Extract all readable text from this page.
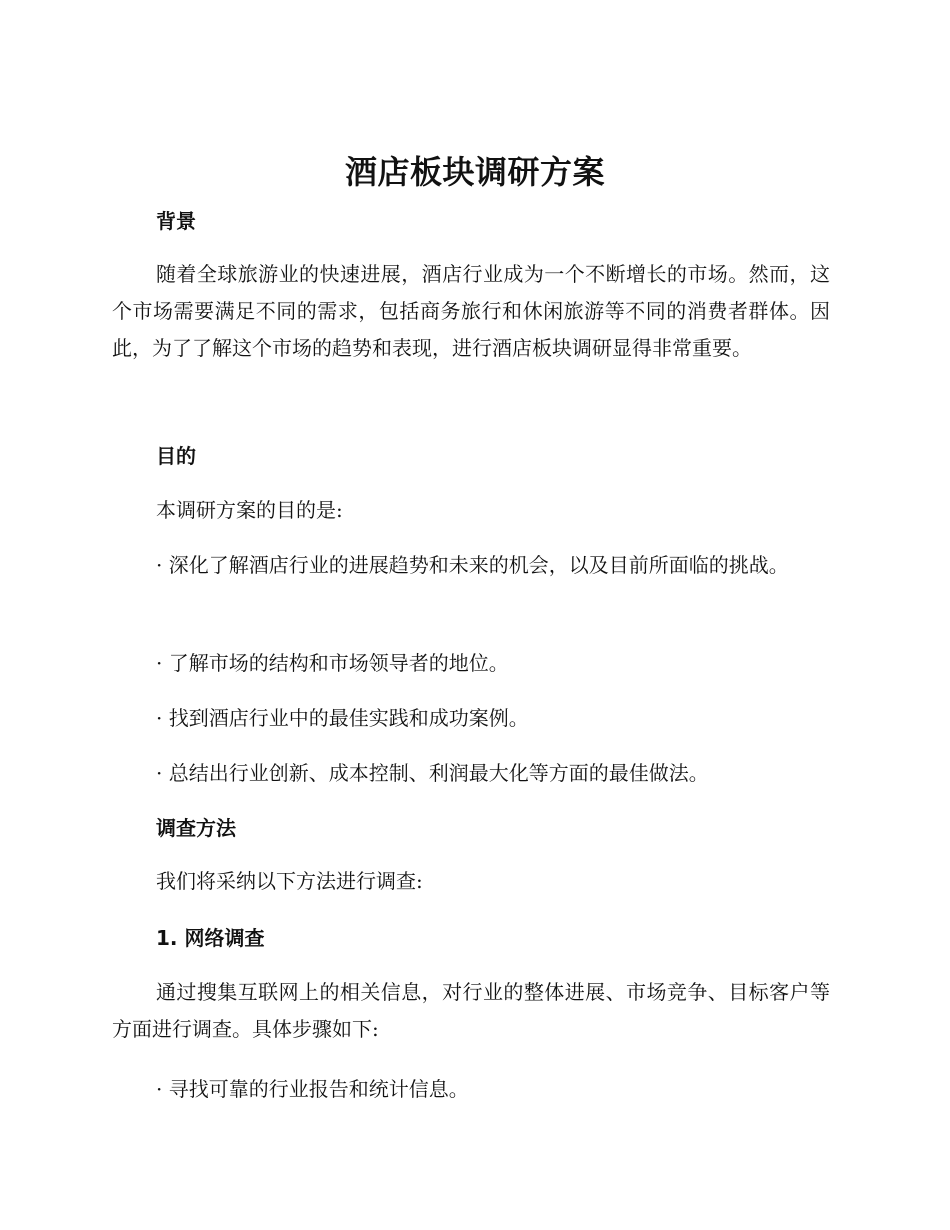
酒店板块调研方案
背景
随着全球旅游业的快速进展，酒店行业成为一个不断增长的市场。然而，这个市场需要满足不同的需求，包括商务旅行和休闲旅游等不同的消费者群体。因此，为了了解这个市场的趋势和表现，进行酒店板块调研显得非常重要。
目的
本调研方案的目的是:
· 深化了解酒店行业的进展趋势和未来的机会，以及目前所面临的挑战。
· 了解市场的结构和市场领导者的地位。
· 找到酒店行业中的最佳实践和成功案例。
· 总结出行业创新、成本控制、利润最大化等方面的最佳做法。
调查方法
我们将采纳以下方法进行调查:
1. 网络调查
通过搜集互联网上的相关信息，对行业的整体进展、市场竞争、目标客户等方面进行调查。具体步骤如下:
· 寻找可靠的行业报告和统计信息。
